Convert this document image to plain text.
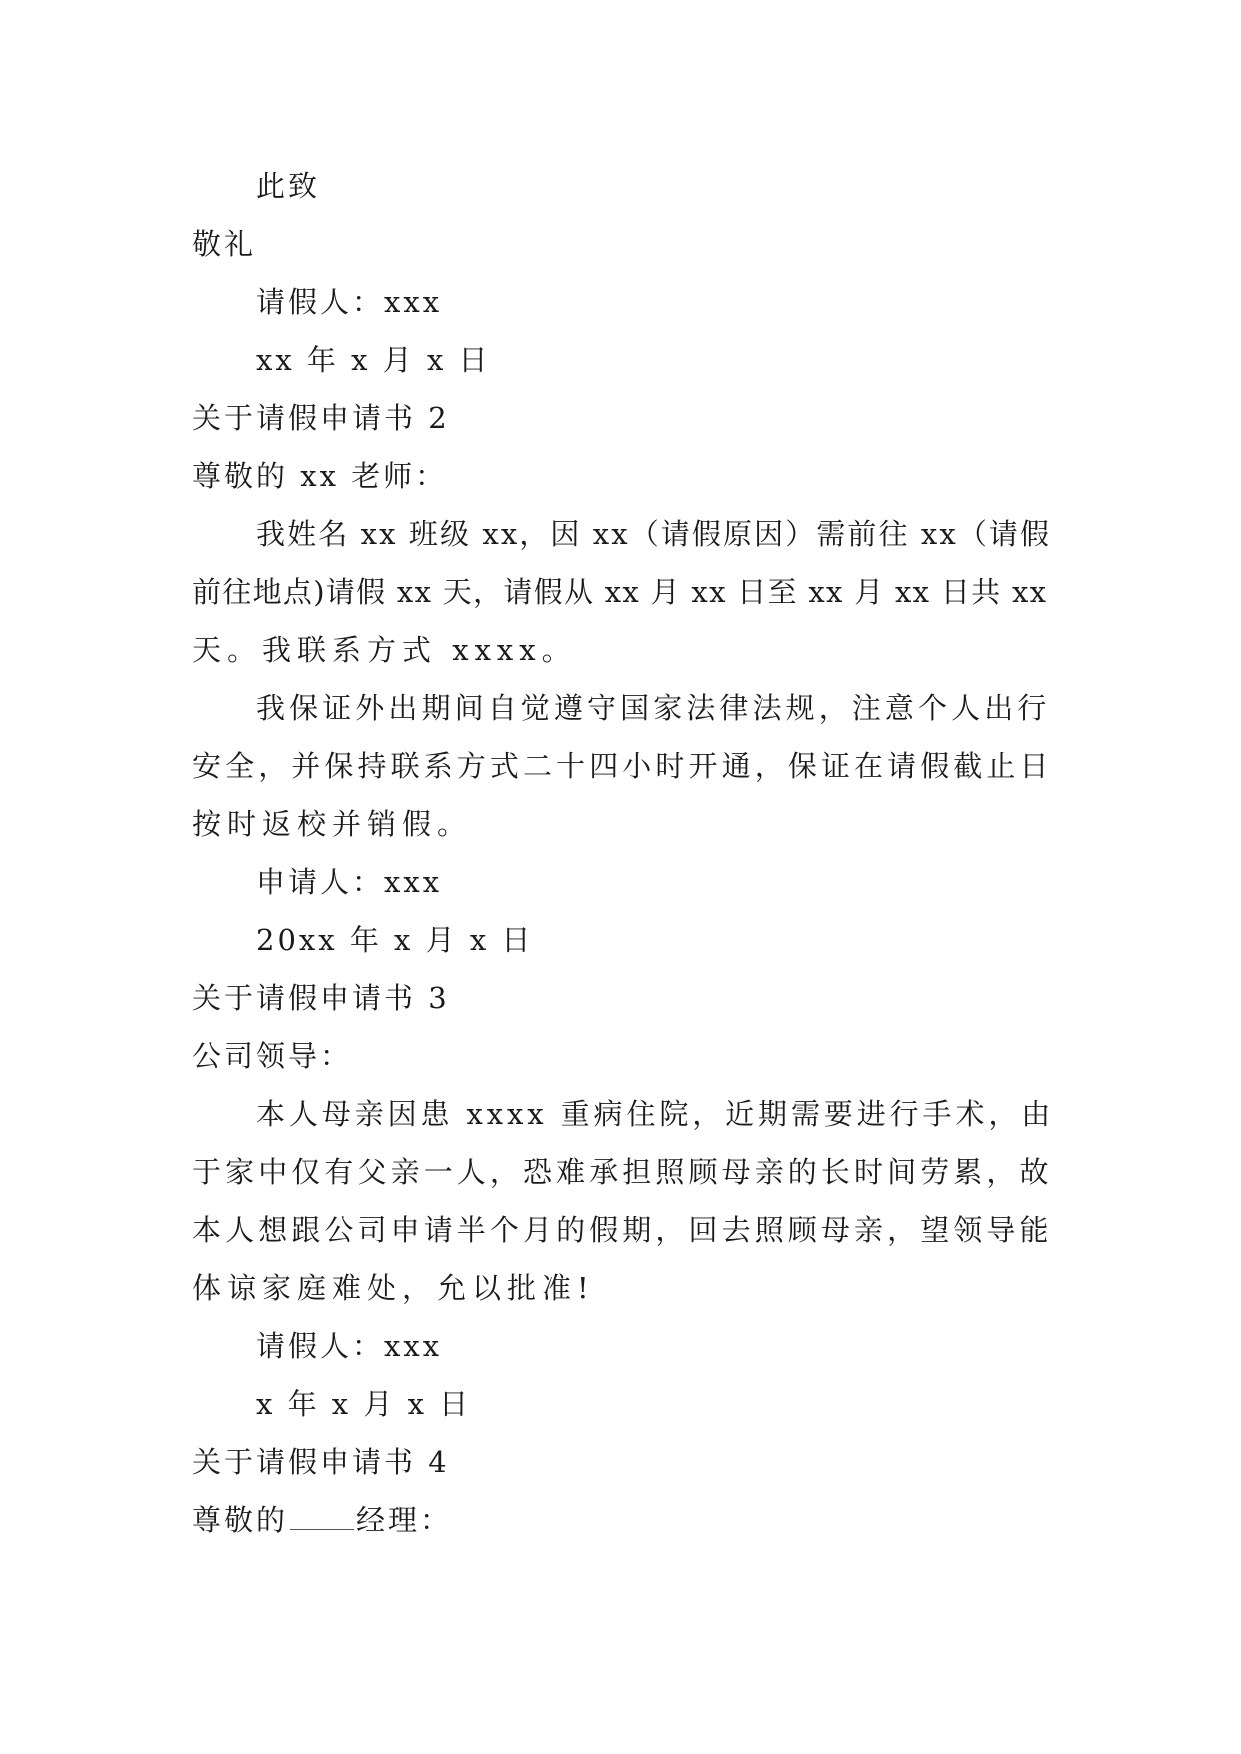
此致
敬礼
请假人：xxx
xx 年 x 月 x 日
关于请假申请书 2
尊敬的 xx 老师：
我姓名 xx 班级 xx，因 xx（请假原因）需前往 xx（请假
前往地点)请假 xx 天，请假从 xx 月 xx 日至 xx 月 xx 日共 xx
天。我联系方式 xxxx。
我保证外出期间自觉遵守国家法律法规，注意个人出行
安全，并保持联系方式二十四小时开通，保证在请假截止日
按时返校并销假。
申请人：xxx
20xx 年 x 月 x 日
关于请假申请书 3
公司领导：
本人母亲因患 xxxx 重病住院，近期需要进行手术，由
于家中仅有父亲一人，恐难承担照顾母亲的长时间劳累，故
本人想跟公司申请半个月的假期，回去照顾母亲，望领导能
体谅家庭难处，允以批准!
请假人：xxx
x 年 x 月 x 日
关于请假申请书 4
尊敬的 经理：
